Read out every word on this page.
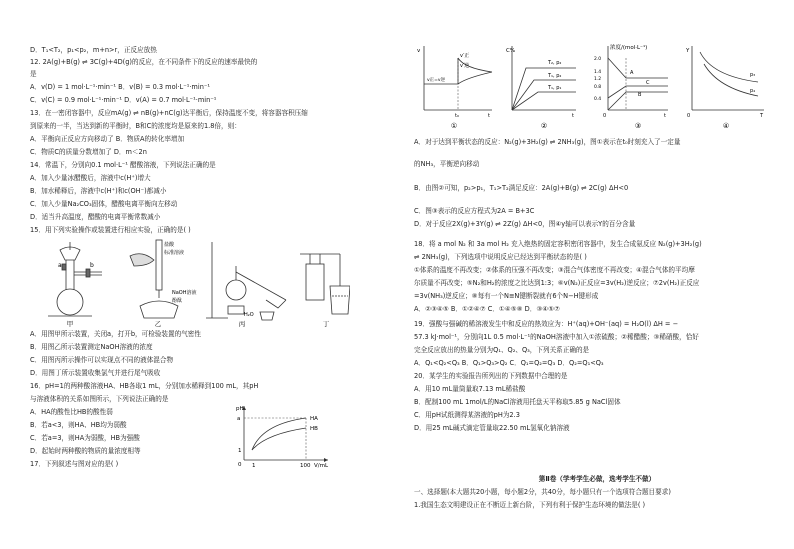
D．T₁<T₂，p₁<p₂，m+n>r，正反应放热
12. 2A(g)+B(g) ⇌ 3C(g)+4D(g)的反应，在不同条件下的反应的速率最快的
是
A．v(D) = 1 mol·L⁻¹·min⁻¹ B．v(B) = 0.3 mol·L⁻¹·min⁻¹
C．v(C) = 0.9 mol·L⁻¹·min⁻¹ D．v(A) = 0.7 mol·L⁻¹·min⁻¹
13．在一密闭容器中，反应mA(g) ⇌ nB(g)+nC(g)达平衡后，保持温度不变，将容器容积压缩
到原来的一半，当达到新的平衡时，B和C的浓度均是原来的1.8倍，则：
A．平衡向正反应方向移动了 B．物质A的转化率增加
C．物质C的质量分数增加了 D．m＜2n
14．常温下，分别向0.1 mol·L⁻¹ 醋酸溶液，下列说法正确的是
A．加入少量冰醋酸后，溶液中c(H⁺)增大
B．加水稀释后，溶液中c(H⁺)和c(OH⁻)都减小
C．加入少量Na₂CO₃固体，醋酸电离平衡向左移动
D．适当升高温度，醋酸的电离平衡常数减小
15．用下列实验操作或装置进行相应实验，正确的是( )
a	b
甲
盐酸
标准溶液
NaOH溶液
酚酞
乙
H₂O
丙	丁
A．用图甲所示装置，关闭a，打开b，可检验装置的气密性
B．用图乙所示装置测定NaOH溶液的浓度
C．用图丙所示操作可以实现点不同的液体混合物
D．用图丁所示装置收集氯气并进行尾气吸收
16．pH=1的两种酸溶液HA、HB各取1 mL，分别加水稀释到100 mL，其pH
与溶液体积的关系如图所示，下列说法正确的是
A．HA的酸性比HB的酸性弱
B．若a<3，则HA、HB均为弱酸
C．若a=3，则HA为弱酸，HB为强酸
D．起始时两种酸的物质的量浓度相等
17．下列叙述与图对应的是( )
pH
a
1
0 1	100 V/mL
HA
HB
v
v′正
v′逆
v正=v逆
t₀	t
①
C%
T₂, p₂
T₁, p₂
T₁, p₁
t
②
浓度/(mol·L⁻¹)
2.0
1.4
1.2
0.8
0.4
A
B
C
0	t
③
Y
p₃
p₄
0	T
④
A．对于达到平衡状态的反应：N₂(g)+3H₂(g) ⇌ 2NH₃(g)，图①表示在t₀时刻充入了一定量
的NH₃，平衡逆向移动
B．由图②可知，p₂>p₁，T₁>T₂满足反应：2A(g)+B(g) ⇌ 2C(g) ΔH<0
C．图③表示的反应方程式为2A = B+3C
D．对于反应2X(g)+3Y(g) ⇌ 2Z(g) ΔH<0，图④y轴可以表示Y的百分含量
18．将 a mol N₂ 和 3a mol H₂ 充入绝热的固定容积密闭容器中，发生合成氨反应 N₂(g)+3H₂(g)
⇌ 2NH₃(g)，下列选项中说明反应已经达到平衡状态的是( )
①体系的温度不再改变；②体系的压强不再改变；③混合气体密度不再改变；④混合气体的平均摩
尔质量不再改变；⑤N₂和H₂的浓度之比达到1:3；⑥v(N₂)正反应=3v(H₂)逆反应；⑦2v(H₂)正反应
=3v(NH₃)逆反应；⑧每有一个N≡N键断裂就有6个N−H键形成
A．②③④⑤ B．①②④⑦ C．①④⑤⑧ D．③④⑤⑦
19．强酸与强碱的稀溶液发生中和反应的热效应为：H⁺(aq)+OH⁻(aq) = H₂O(l) ΔH = −
57.3 kJ·mol⁻¹，分别向1L 0.5 mol·L⁻¹的NaOH溶液中加入①浓硫酸；②稀醋酸；③稀硝酸，恰好
完全反应放出的热量分别为Q₁、Q₂、Q₃，下列关系正确的是
A．Q₁<Q₂<Q₃ B．Q₁>Q₃>Q₂ C．Q₁=Q₂=Q₃ D．Q₂=Q₁<Q₃
20．某学生的实验报告所列出的下列数据中合理的是
A．用10 mL量筒量取7.13 mL稀盐酸
B．配制100 mL 1mol/L的NaCl溶液用托盘天平称取5.85 g NaCl固体
C．用pH试纸测得某溶液的pH为2.3
D．用25 mL碱式滴定管量取22.50 mL氢氧化钠溶液
第Ⅱ卷（学考学生必做，选考学生不做）
一、选择题(本大题共20小题，每小题2分，共40分，每小题只有一个选项符合题目要求)
1.我国生态文明建设正在不断迈上新台阶，下列有利于保护生态环境的做法是( )
